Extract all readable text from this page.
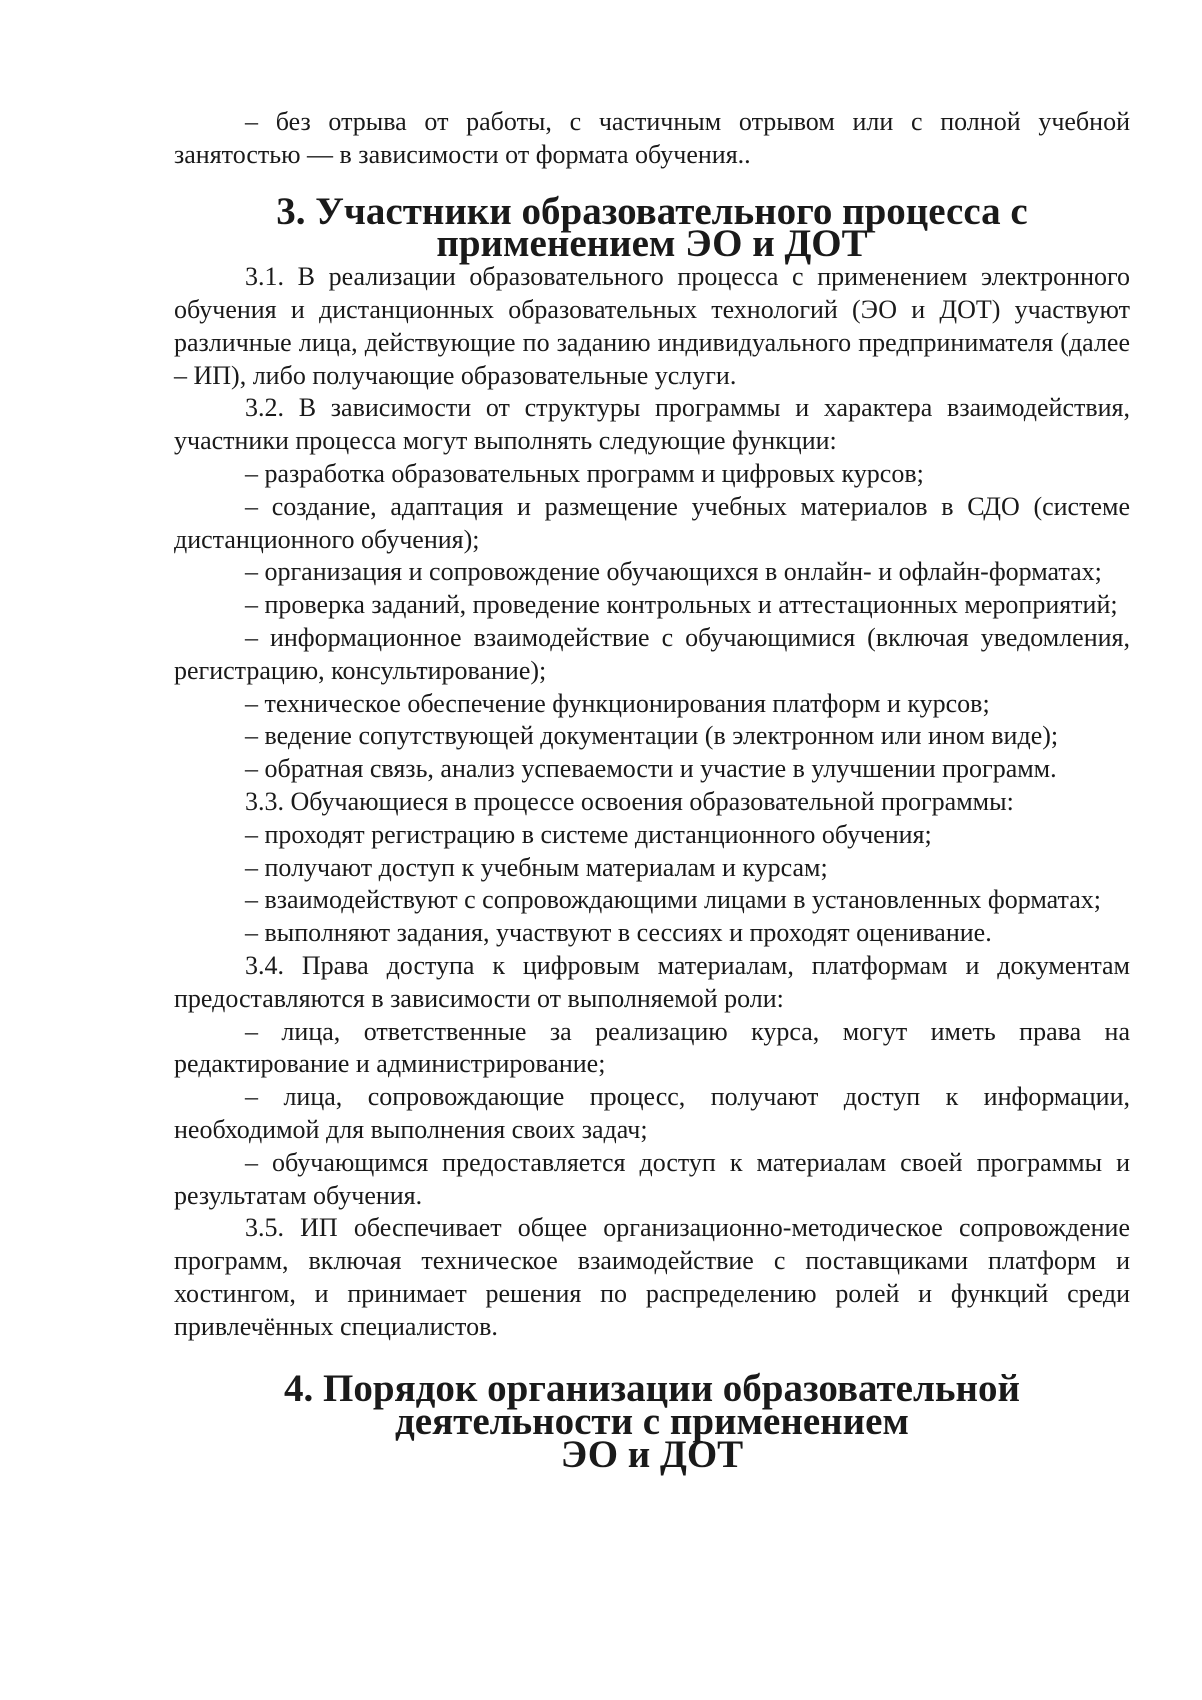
– без отрыва от работы, с частичным отрывом или с полной учебной занятостью — в зависимости от формата обучения..

3. Участники образовательного процесса с применением ЭО и ДОТ

3.1. В реализации образовательного процесса с применением электронного обучения и дистанционных образовательных технологий (ЭО и ДОТ) участвуют различные лица, действующие по заданию индивидуального предпринимателя (далее – ИП), либо получающие образовательные услуги.

3.2. В зависимости от структуры программы и характера взаимодействия, участники процесса могут выполнять следующие функции:

– разработка образовательных программ и цифровых курсов;

– создание, адаптация и размещение учебных материалов в СДО (системе дистанционного обучения);

– организация и сопровождение обучающихся в онлайн- и офлайн-форматах;

– проверка заданий, проведение контрольных и аттестационных мероприятий;

– информационное взаимодействие с обучающимися (включая уведомления, регистрацию, консультирование);

– техническое обеспечение функционирования платформ и курсов;

– ведение сопутствующей документации (в электронном или ином виде);

– обратная связь, анализ успеваемости и участие в улучшении программ.

3.3. Обучающиеся в процессе освоения образовательной программы:

– проходят регистрацию в системе дистанционного обучения;

– получают доступ к учебным материалам и курсам;

– взаимодействуют с сопровождающими лицами в установленных форматах;

– выполняют задания, участвуют в сессиях и проходят оценивание.

3.4. Права доступа к цифровым материалам, платформам и документам предоставляются в зависимости от выполняемой роли:

– лица, ответственные за реализацию курса, могут иметь права на редактирование и администрирование;

– лица, сопровождающие процесс, получают доступ к информации, необходимой для выполнения своих задач;

– обучающимся предоставляется доступ к материалам своей программы и результатам обучения.

3.5. ИП обеспечивает общее организационно-методическое сопровождение программ, включая техническое взаимодействие с поставщиками платформ и хостингом, и принимает решения по распределению ролей и функций среди привлечённых специалистов.

4. Порядок организации образовательной деятельности с применением
ЭО и ДОТ
